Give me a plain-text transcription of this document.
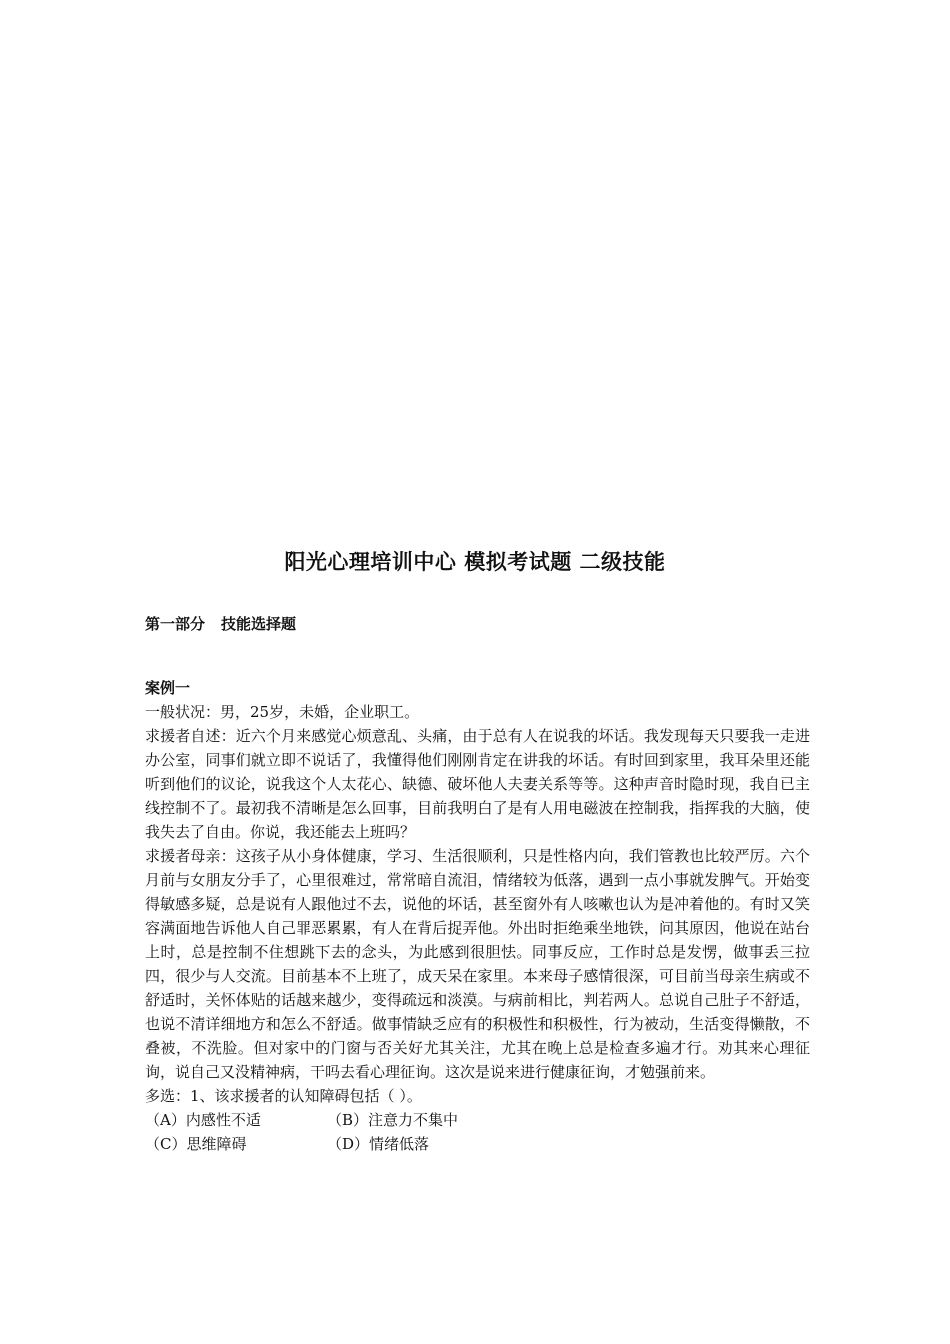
阳光心理培训中心 模拟考试题 二级技能

第一部分 技能选择题

案例一

一般状况：男，25岁，未婚，企业职工。

求援者自述：近六个月来感觉心烦意乱、头痛，由于总有人在说我的坏话。我发现每天只要我一走进办公室，同事们就立即不说话了，我懂得他们刚刚肯定在讲我的坏话。有时回到家里，我耳朵里还能听到他们的议论，说我这个人太花心、缺德、破坏他人夫妻关系等等。这种声音时隐时现，我自已主线控制不了。最初我不清晰是怎么回事，目前我明白了是有人用电磁波在控制我，指挥我的大脑，使我失去了自由。你说，我还能去上班吗？

求援者母亲：这孩子从小身体健康，学习、生活很顺利，只是性格内向，我们管教也比较严厉。六个月前与女朋友分手了，心里很难过，常常暗自流泪，情绪较为低落，遇到一点小事就发脾气。开始变得敏感多疑，总是说有人跟他过不去，说他的坏话，甚至窗外有人咳嗽也认为是冲着他的。有时又笑容满面地告诉他人自己罪恶累累，有人在背后捉弄他。外出时拒绝乘坐地铁，问其原因，他说在站台上时，总是控制不住想跳下去的念头，为此感到很胆怯。同事反应，工作时总是发愣，做事丢三拉四，很少与人交流。目前基本不上班了，成天呆在家里。本来母子感情很深，可目前当母亲生病或不舒适时，关怀体贴的话越来越少，变得疏远和淡漠。与病前相比，判若两人。总说自己肚子不舒适，也说不清详细地方和怎么不舒适。做事情缺乏应有的积极性和积极性，行为被动，生活变得懒散，不叠被，不洗脸。但对家中的门窗与否关好尤其关注，尤其在晚上总是检查多遍才行。劝其来心理征询，说自己又没精神病，干吗去看心理征询。这次是说来进行健康征询，才勉强前来。

多选：1、该求援者的认知障碍包括（ ）。

（A）内感性不适	（B）注意力不集中
（C）思维障碍	（D）情绪低落
